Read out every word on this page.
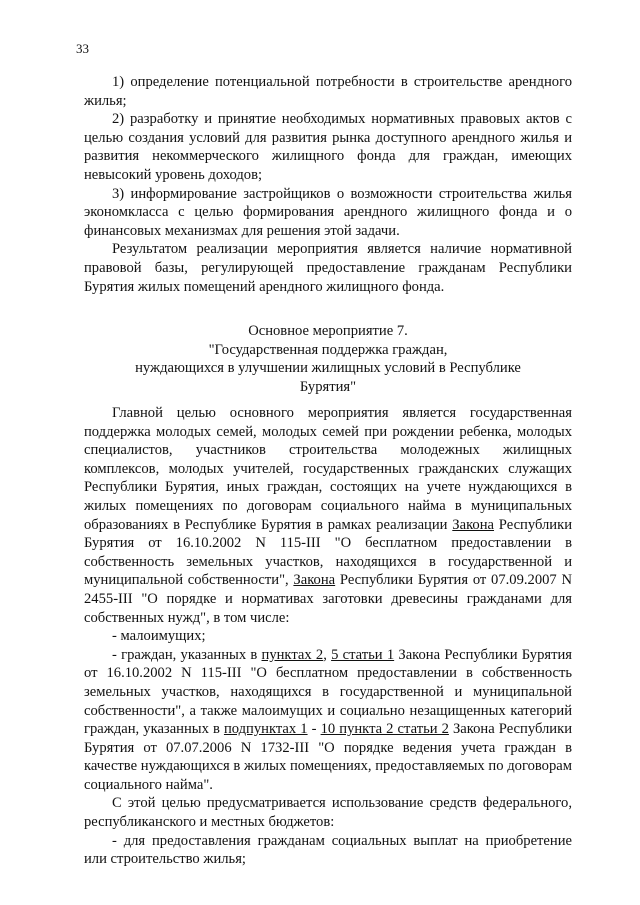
33

1) определение потенциальной потребности в строительстве арендного жилья;

2) разработку и принятие необходимых нормативных правовых актов с целью создания условий для развития рынка доступного арендного жилья и развития некоммерческого жилищного фонда для граждан, имеющих невысокий уровень доходов;

3) информирование застройщиков о возможности строительства жилья экономкласса с целью формирования арендного жилищного фонда и о финансовых механизмах для решения этой задачи.

Результатом реализации мероприятия является наличие нормативной правовой базы, регулирующей предоставление гражданам Республики Бурятия жилых помещений арендного жилищного фонда.

Основное мероприятие 7.
"Государственная поддержка граждан,
нуждающихся в улучшении жилищных условий в Республике
Бурятия"

Главной целью основного мероприятия является государственная поддержка молодых семей, молодых семей при рождении ребенка, молодых специалистов, участников строительства молодежных жилищных комплексов, молодых учителей, государственных гражданских служащих Республики Бурятия, иных граждан, состоящих на учете нуждающихся в жилых помещениях по договорам социального найма в муниципальных образованиях в Республике Бурятия в рамках реализации Закона Республики Бурятия от 16.10.2002 N 115-III "О бесплатном предоставлении в собственность земельных участков, находящихся в государственной и муниципальной собственности", Закона Республики Бурятия от 07.09.2007 N 2455-III "О порядке и нормативах заготовки древесины гражданами для собственных нужд", в том числе:

- малоимущих;

- граждан, указанных в пунктах 2, 5 статьи 1 Закона Республики Бурятия от 16.10.2002 N 115-III "О бесплатном предоставлении в собственность земельных участков, находящихся в государственной и муниципальной собственности", а также малоимущих и социально незащищенных категорий граждан, указанных в подпунктах 1 - 10 пункта 2 статьи 2 Закона Республики Бурятия от 07.07.2006 N 1732-III "О порядке ведения учета граждан в качестве нуждающихся в жилых помещениях, предоставляемых по договорам социального найма".

С этой целью предусматривается использование средств федерального, республиканского и местных бюджетов:

- для предоставления гражданам социальных выплат на приобретение или строительство жилья;
